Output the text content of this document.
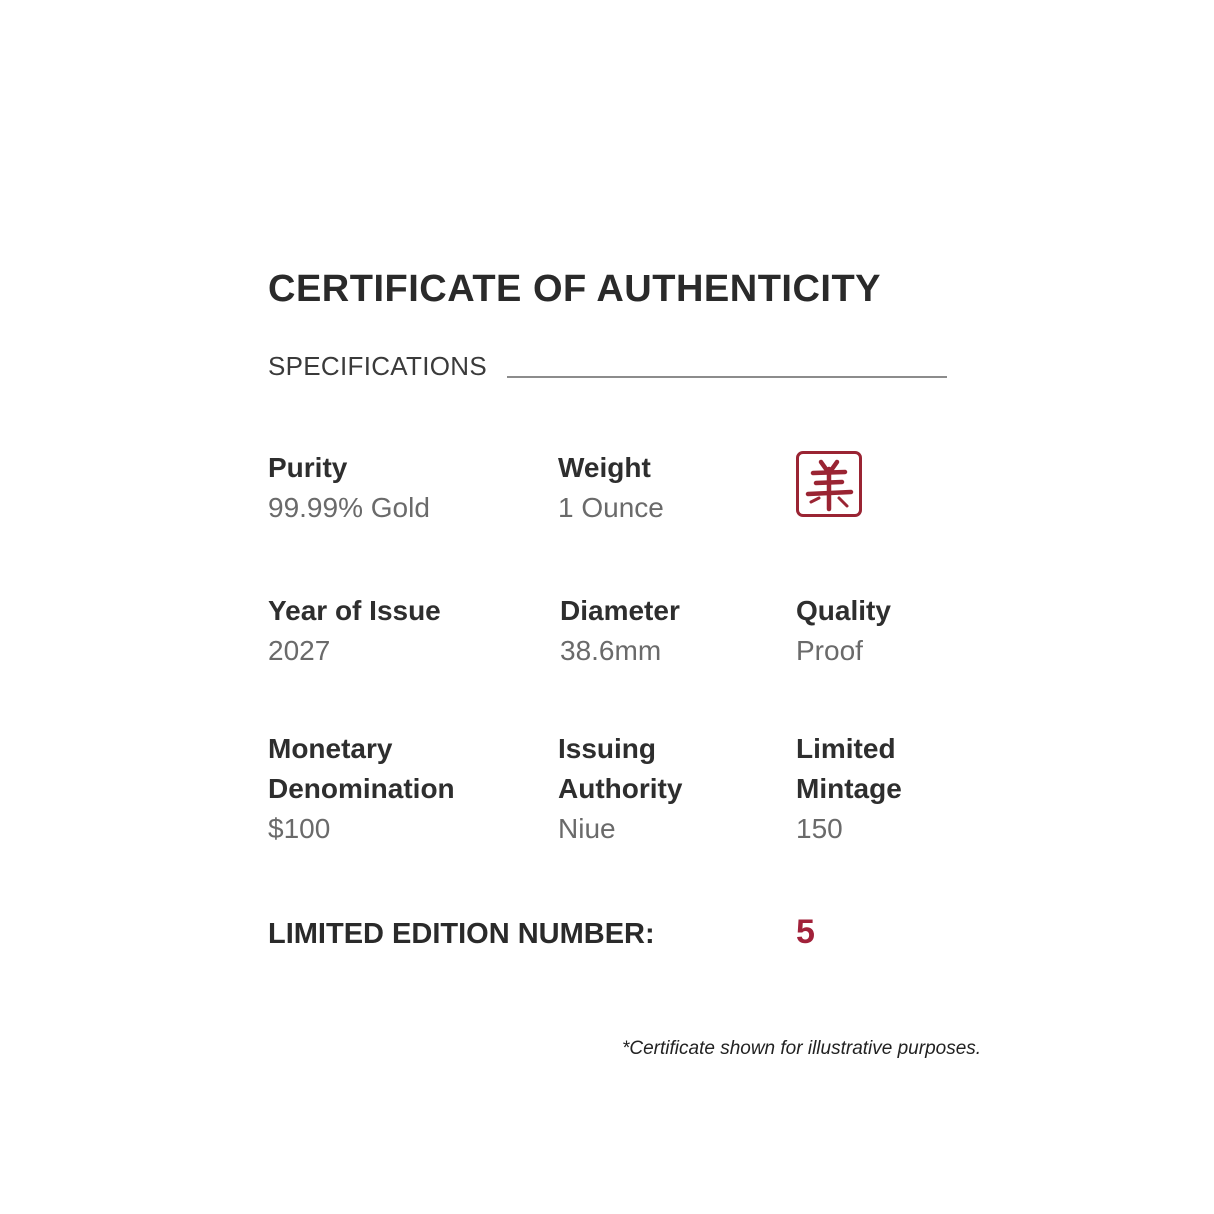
CERTIFICATE OF AUTHENTICITY
SPECIFICATIONS
Purity
99.99% Gold
Weight
1 Ounce
Year of Issue
2027
Diameter
38.6mm
Quality
Proof
Monetary
Denomination
$100
Issuing
Authority
Niue
Limited
Mintage
150
LIMITED EDITION NUMBER:	5
*Certificate shown for illustrative purposes.
